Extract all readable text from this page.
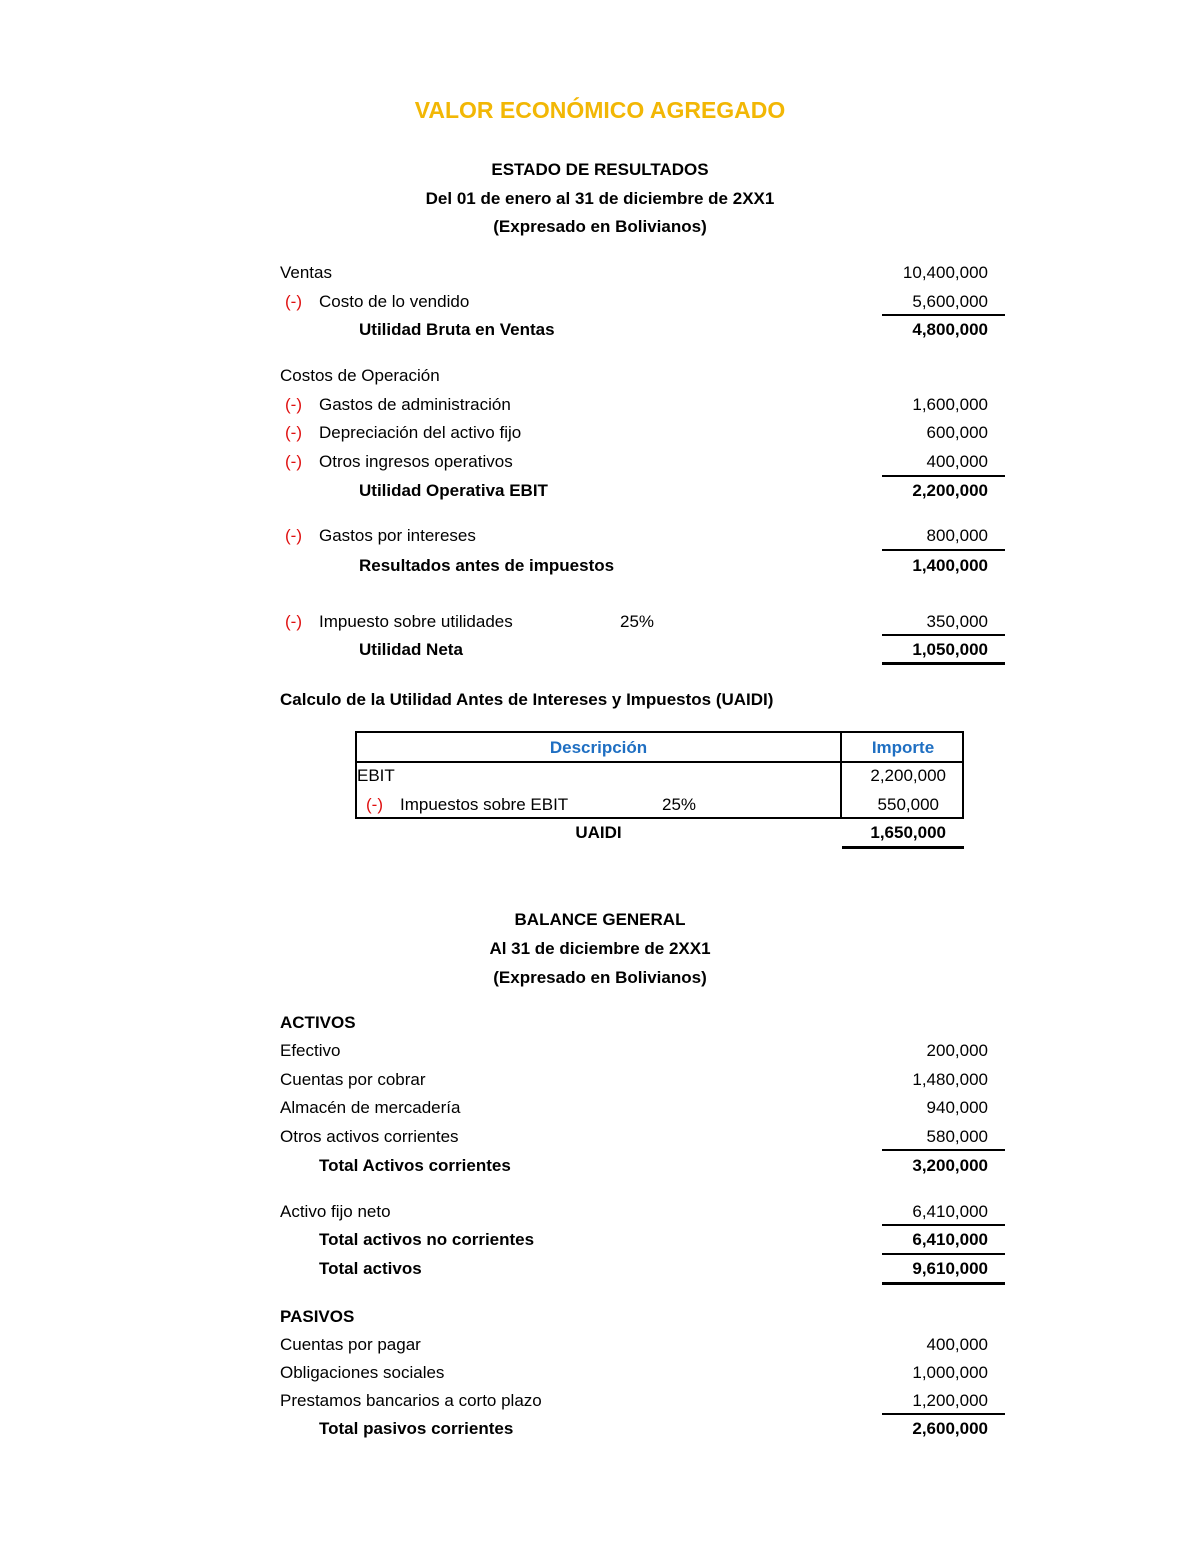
VALOR ECONÓMICO AGREGADO
ESTADO DE RESULTADOS
Del 01 de enero al 31 de diciembre de 2XX1
(Expresado en Bolivianos)
Ventas	10,400,000
(-) Costo de lo vendido	5,600,000
Utilidad Bruta en Ventas	4,800,000
Costos de Operación
(-) Gastos de administración	1,600,000
(-) Depreciación del activo fijo	600,000
(-) Otros ingresos operativos	400,000
Utilidad Operativa EBIT	2,200,000
(-) Gastos por intereses	800,000
Resultados antes de impuestos	1,400,000
(-) Impuesto sobre utilidades	25%	350,000
Utilidad Neta	1,050,000
Calculo de la Utilidad Antes de Intereses y Impuestos (UAIDI)
Descripción	Importe
EBIT	2,200,000
(-) Impuestos sobre EBIT	25%	550,000
UAIDI	1,650,000
BALANCE GENERAL
Al 31 de diciembre de 2XX1
(Expresado en Bolivianos)
ACTIVOS
Efectivo	200,000
Cuentas por cobrar	1,480,000
Almacén de mercadería	940,000
Otros activos corrientes	580,000
Total Activos corrientes	3,200,000
Activo fijo neto	6,410,000
Total activos no corrientes	6,410,000
Total activos	9,610,000
PASIVOS
Cuentas por pagar	400,000
Obligaciones sociales	1,000,000
Prestamos bancarios a corto plazo	1,200,000
Total pasivos corrientes	2,600,000
